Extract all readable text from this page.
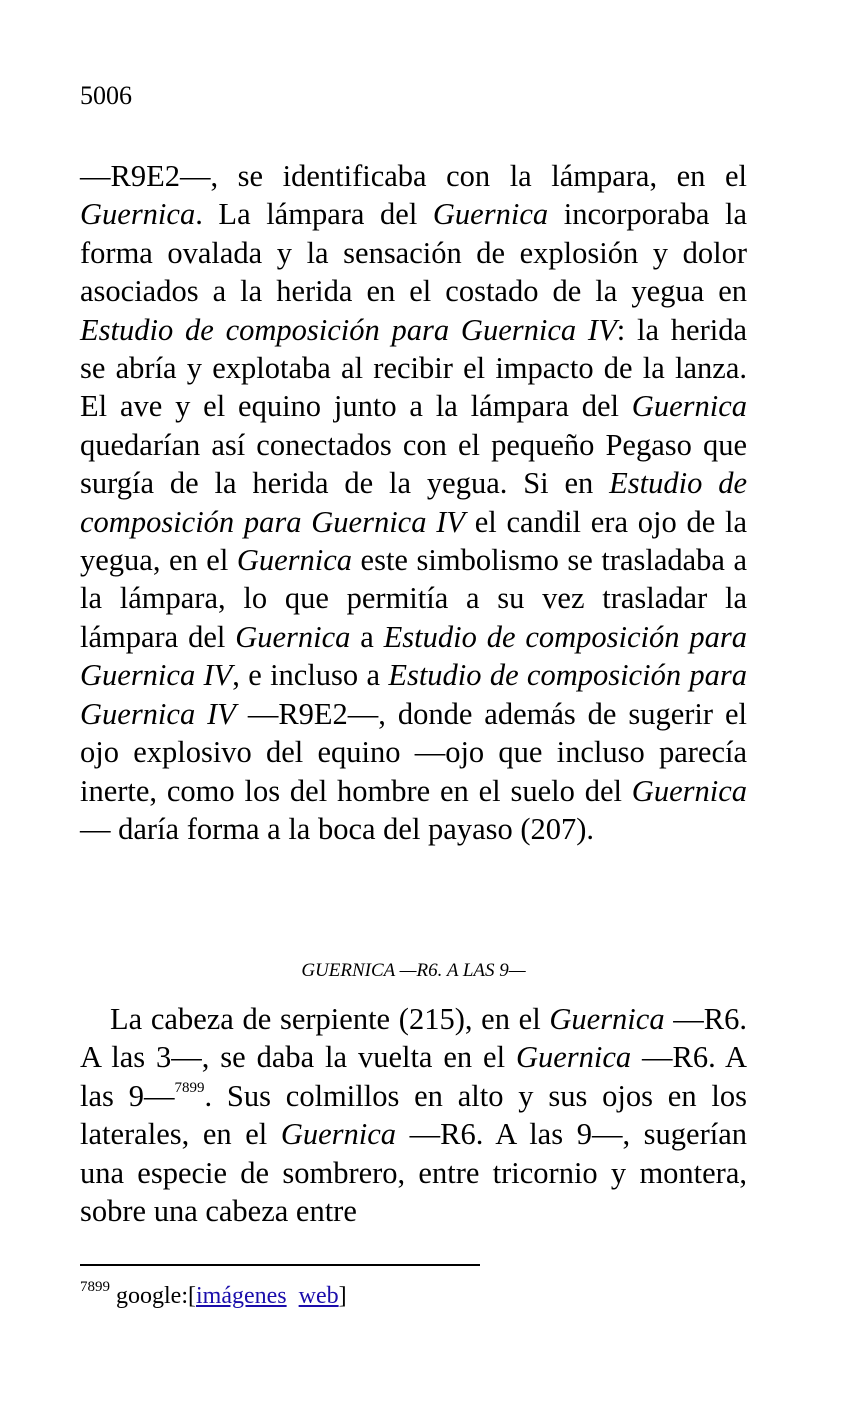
5006

—R9E2—, se identificaba con la lámpara, en el Guernica. La lámpara del Guernica incorporaba la forma ovalada y la sensación de explosión y dolor asociados a la herida en el costado de la yegua en Estudio de composición para Guernica IV: la herida se abría y explotaba al recibir el impacto de la lanza. El ave y el equino junto a la lámpara del Guernica quedarían así conectados con el pequeño Pegaso que surgía de la herida de la yegua. Si en Estudio de composición para Guernica IV el candil era ojo de la yegua, en el Guernica este simbolismo se trasladaba a la lámpara, lo que permitía a su vez trasladar la lámpara del Guernica a Estudio de composición para Guernica IV, e incluso a Estudio de composición para Guernica IV —R9E2—, donde además de sugerir el ojo explosivo del equino —ojo que incluso parecía inerte, como los del hombre en el suelo del Guernica— daría forma a la boca del payaso (207).

GUERNICA —R6. A LAS 9—

La cabeza de serpiente (215), en el Guernica —R6. A las 3—, se daba la vuelta en el Guernica —R6. A las 9—$^{7899}$. Sus colmillos en alto y sus ojos en los laterales, en el Guernica —R6. A las 9—, sugerían una especie de sombrero, entre tricornio y montera, sobre una cabeza entre

$^{7899}$ google:[imágenes web]
